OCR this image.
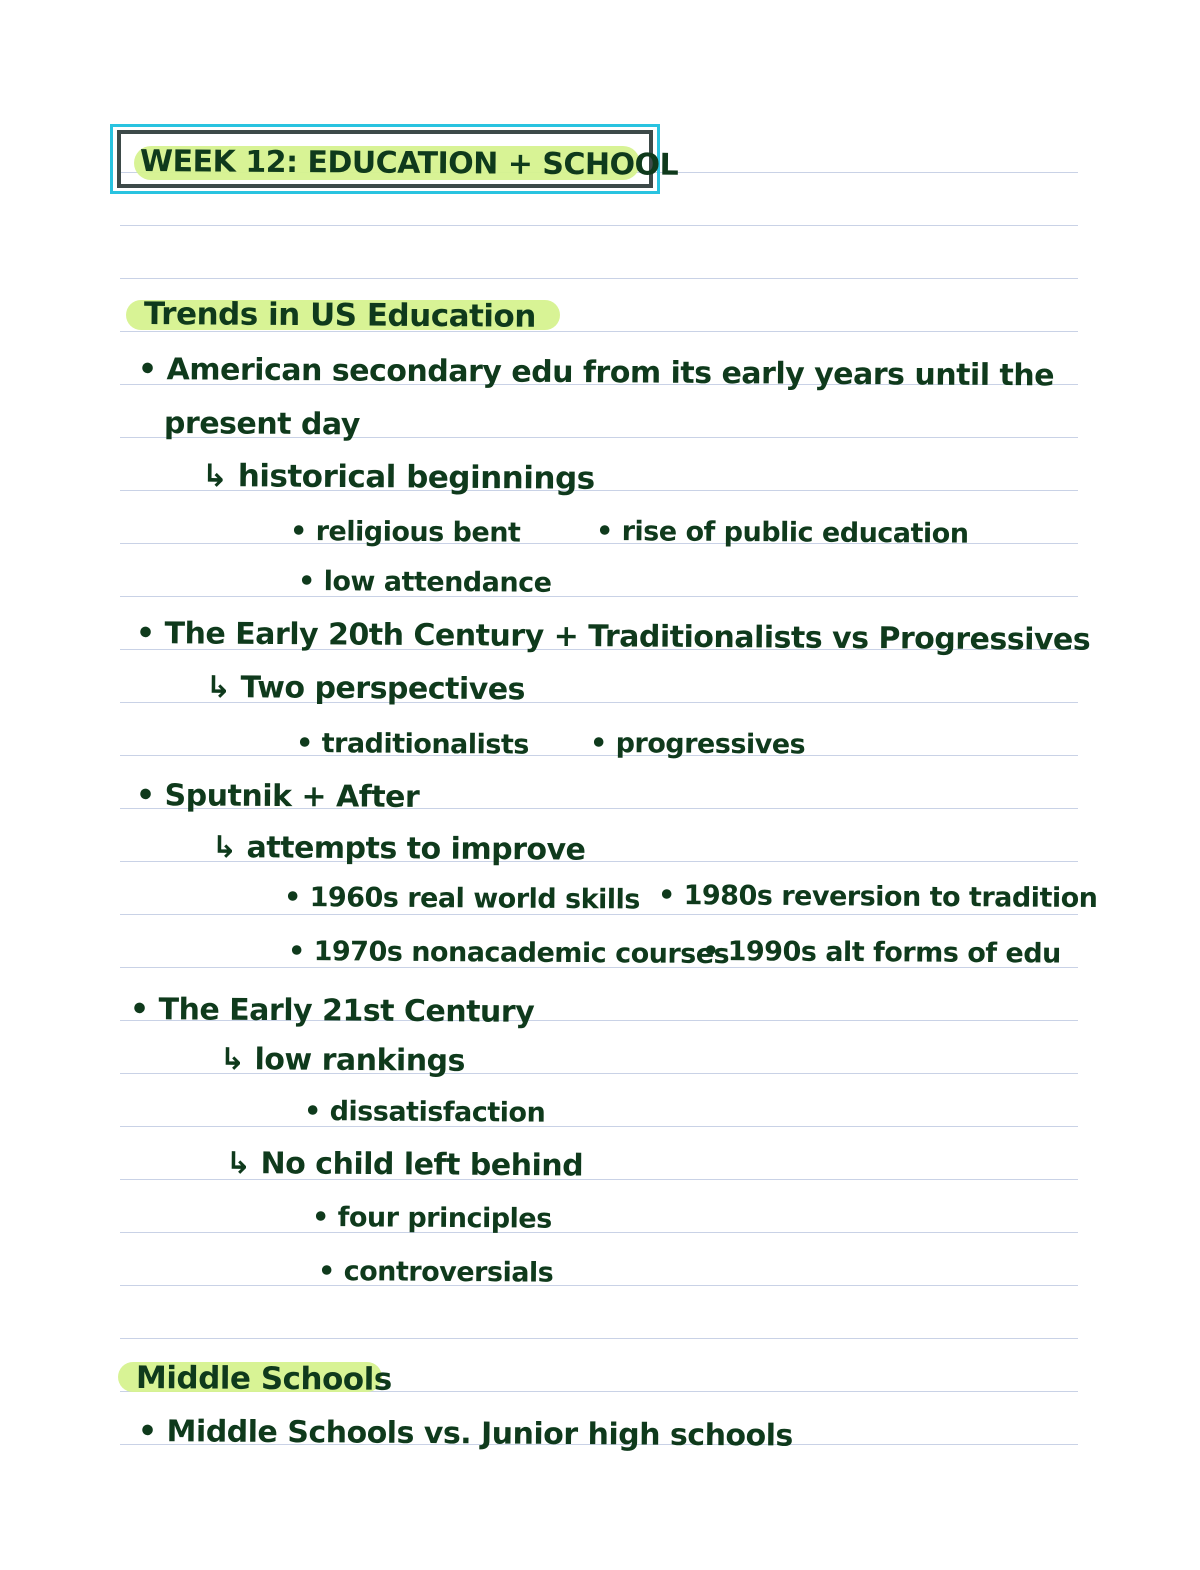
WEEK 12: EDUCATION + SCHOOL
Trends in US Education
• American secondary edu from its early years until the
present day
↳ historical beginnings
• religious bent	• rise of public education
• low attendance
• The Early 20th Century + Traditionalists vs Progressives
↳ Two perspectives
• traditionalists • progressives
• Sputnik + After
↳ attempts to improve
• 1960s real world skills • 1980s reversion to tradition
• 1970s nonacademic courses
• 1990s alt forms of edu
• The Early 21st Century
↳ low rankings
• dissatisfaction
↳ No child left behind
• four principles
• controversials
Middle Schools
• Middle Schools vs. Junior high schools
